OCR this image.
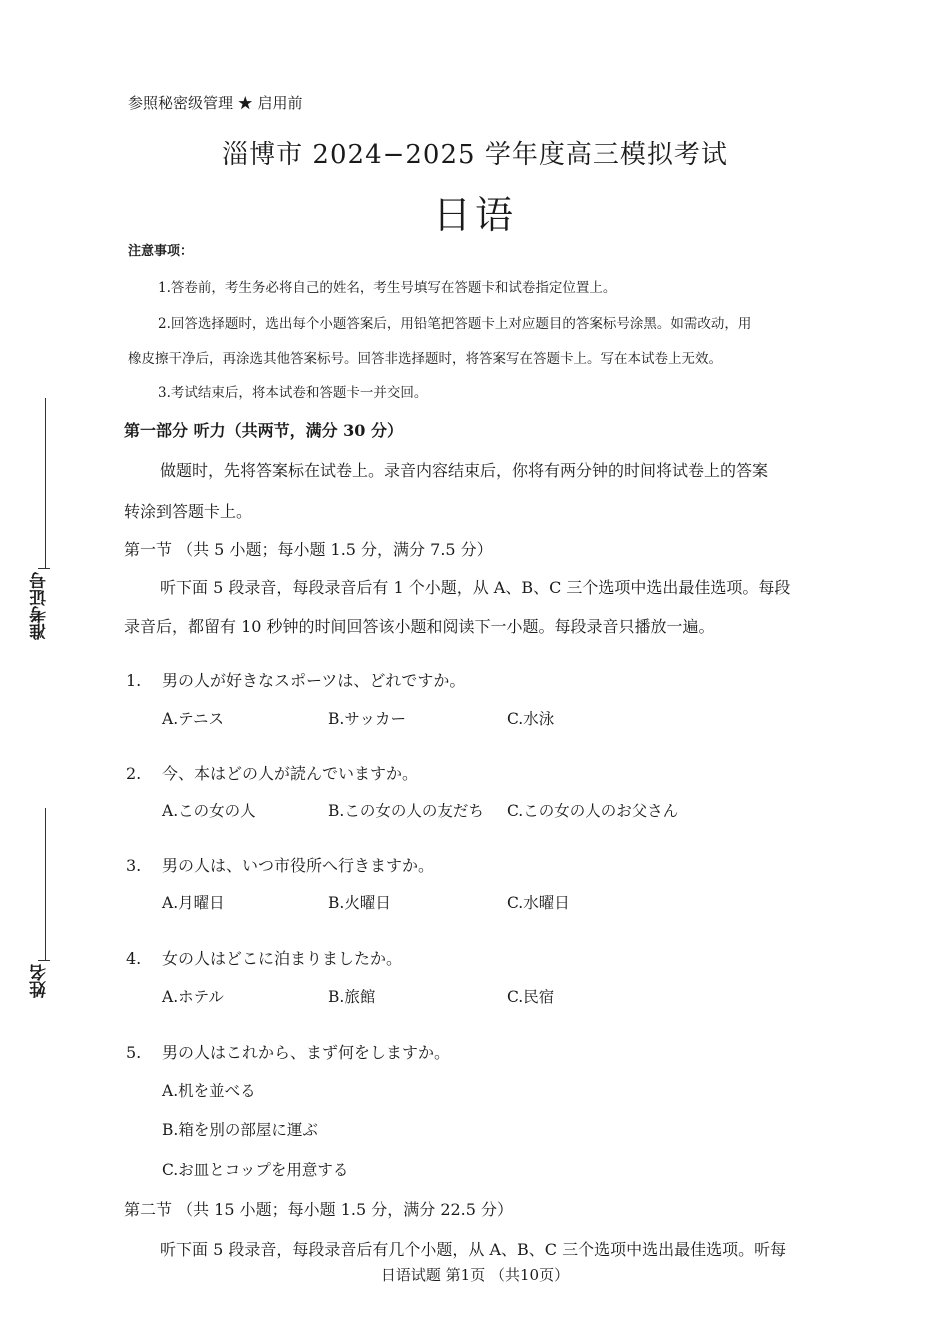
准考证号
姓名
参照秘密级管理 ★ 启用前
淄博市 2024−2025 学年度高三模拟考试
日语
注意事项：
1.答卷前，考生务必将自己的姓名，考生号填写在答题卡和试卷指定位置上。
2.回答选择题时，选出每个小题答案后，用铅笔把答题卡上对应题目的答案标号涂黑。如需改动，用
橡皮擦干净后，再涂选其他答案标号。回答非选择题时，将答案写在答题卡上。写在本试卷上无效。
3.考试结束后，将本试卷和答题卡一并交回。
第一部分 听力（共两节，满分 30 分）
做题时，先将答案标在试卷上。录音内容结束后，你将有两分钟的时间将试卷上的答案
转涂到答题卡上。
第一节 （共 5 小题；每小题 1.5 分，满分 7.5 分）
听下面 5 段录音，每段录音后有 1 个小题，从 A、B、C 三个选项中选出最佳选项。每段
录音后，都留有 10 秒钟的时间回答该小题和阅读下一小题。每段录音只播放一遍。
1. 男の人が好きなスポーツは、どれですか。
A.テニス	B.サッカー	C.水泳
2. 今、本はどの人が読んでいますか。
A.この女の人	B.この女の人の友だち C.この女の人のお父さん
3. 男の人は、いつ市役所へ行きますか。
A.月曜日	B.火曜日	C.水曜日
4. 女の人はどこに泊まりましたか。
A.ホテル	B.旅館	C.民宿
5. 男の人はこれから、まず何をしますか。
A.机を並べる
B.箱を別の部屋に運ぶ
C.お皿とコップを用意する
第二节 （共 15 小题；每小题 1.5 分，满分 22.5 分）
听下面 5 段录音，每段录音后有几个小题，从 A、B、C 三个选项中选出最佳选项。听每
日语试题 第1页 （共10页）
